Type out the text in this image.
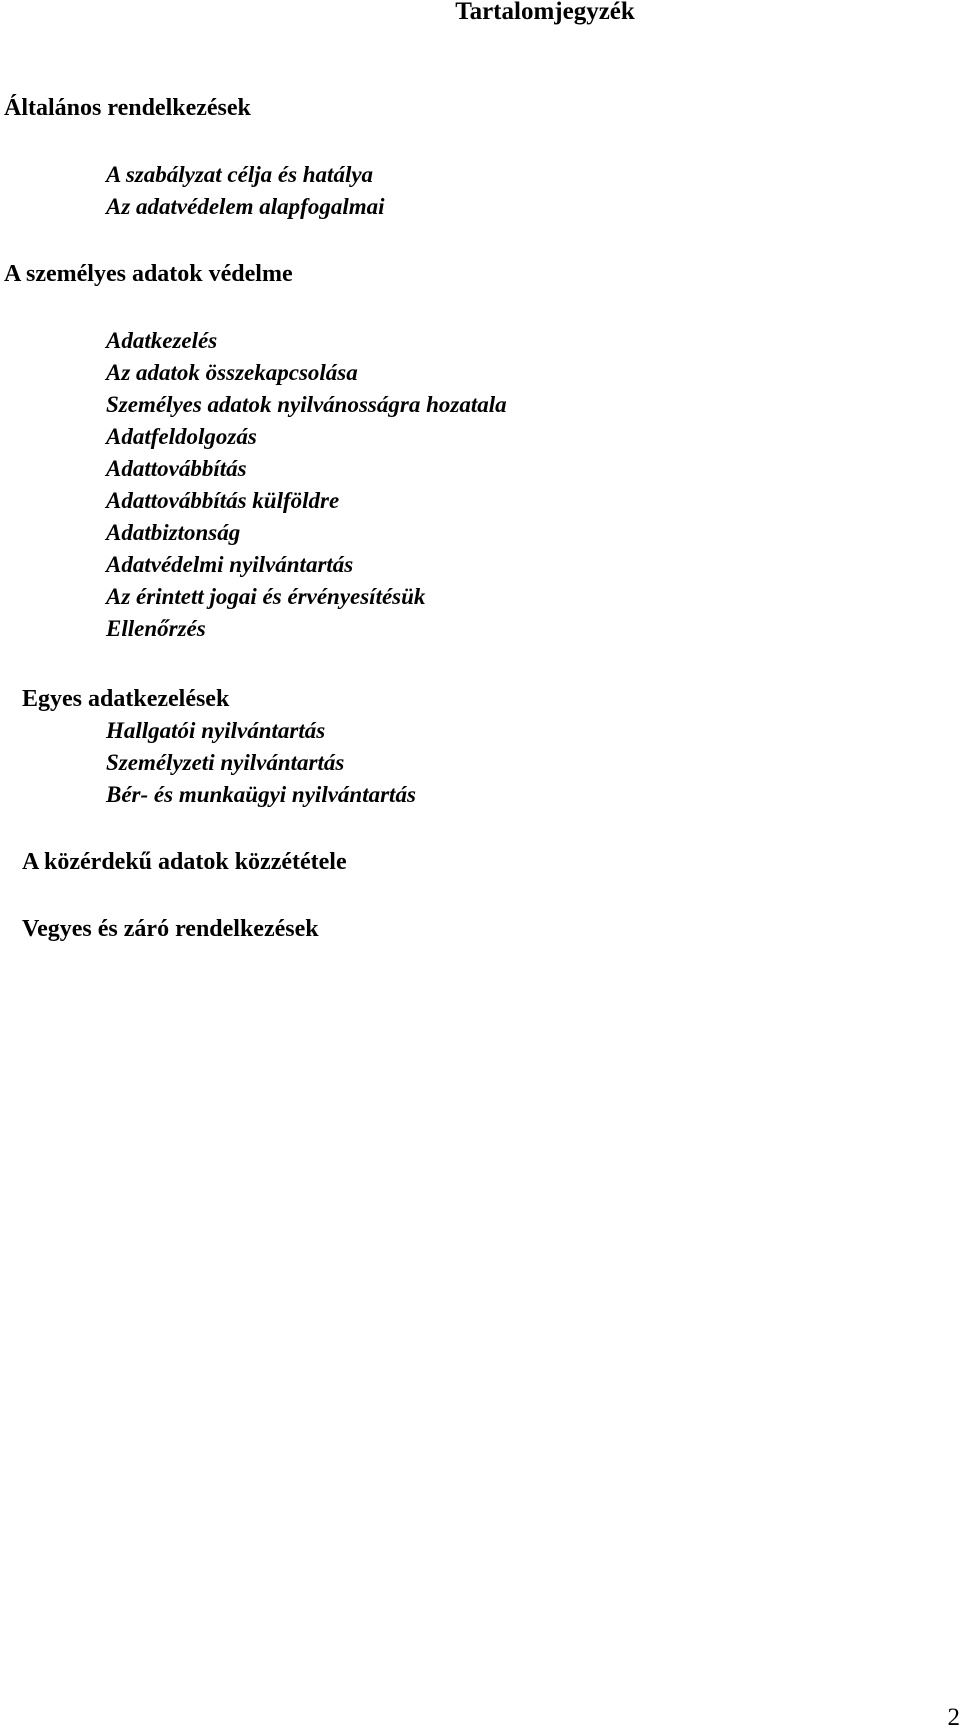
Tartalomjegyzék
Általános rendelkezések
A szabályzat célja és hatálya
Az adatvédelem alapfogalmai
A személyes adatok védelme
Adatkezelés
Az adatok összekapcsolása
Személyes adatok nyilvánosságra hozatala
Adatfeldolgozás
Adattovábbítás
Adattovábbítás külföldre
Adatbiztonság
Adatvédelmi nyilvántartás
Az érintett jogai és érvényesítésük
Ellenőrzés
Egyes adatkezelések
Hallgatói nyilvántartás
Személyzeti nyilvántartás
Bér- és munkaügyi nyilvántartás
A közérdekű adatok közzététele
Vegyes és záró rendelkezések
2
